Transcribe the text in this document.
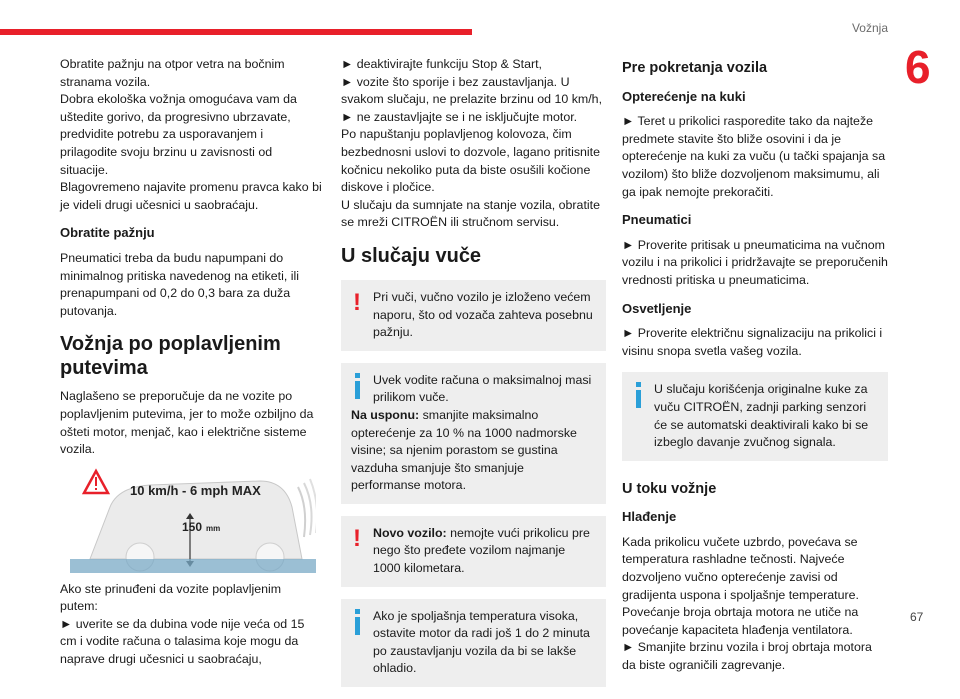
Vožnja
6
67

Obratite pažnju na otpor vetra na bočnim stranama vozila.

Dobra ekološka vožnja omogućava vam da uštedite gorivo, da progresivno ubrzavate, predvidite potrebu za usporavanjem i prilagodite svoju brzinu u zavisnosti od situacije.

Blagovremeno najavite promenu pravca kako bi je videli drugi učesnici u saobraćaju.

Obratite pažnju

Pneumatici treba da budu napumpani do minimalnog pritiska navedenog na etiketi, ili prenapumpani od 0,2 do 0,3 bara za duža putovanja.

Vožnja po poplavljenim putevima

Naglašeno se preporučuje da ne vozite po poplavljenim putevima, jer to može ozbiljno da ošteti motor, menjač, kao i električne sisteme vozila.

10 km/h - 6 mph MAX
150 mm

Ako ste prinuđeni da vozite poplavljenim putem:

► uverite se da dubina vode nije veća od 15 cm i vodite računa o talasima koje mogu da naprave drugi učesnici u saobraćaju,

► deaktivirajte funkciju Stop & Start,
► vozite što sporije i bez zaustavljanja. U svakom slučaju, ne prelazite brzinu od 10 km/h,
► ne zaustavljajte se i ne isključujte motor.

Po napuštanju poplavljenog kolovoza, čim bezbednosni uslovi to dozvole, lagano pritisnite kočnicu nekoliko puta da biste osušili kočione diskove i pločice.

U slučaju da sumnjate na stanje vozila, obratite se mreži CITROËN ili stručnom servisu.

U slučaju vuče
! Pri vuči, vučno vozilo je izloženo većem naporu, što od vozača zahteva posebnu pažnju.
Uvek vodite računa o maksimalnoj masi prilikom vuče.
Na usponu: smanjite maksimalno opterećenje za 10 % na 1000 nadmorske visine; sa njenim porastom se gustina vazduha smanjuje što smanjuje performanse motora.
! Novo vozilo: nemojte vući prikolicu pre nego što pređete vozilom najmanje 1000 kilometara.
Ako je spoljašnja temperatura visoka, ostavite motor da radi još 1 do 2 minuta po zaustavljanju vozila da bi se lakše ohladio.
Pre pokretanja vozila
Opterećenje na kuki

► Teret u prikolici rasporedite tako da najteže predmete stavite što bliže osovini i da je opterećenje na kuki za vuču (u tački spajanja sa vozilom) što bliže dozvoljenom maksimumu, ali ga ipak nemojte prekoračiti.

Pneumatici

► Proverite pritisak u pneumaticima na vučnom vozilu i na prikolici i pridržavajte se preporučenih vrednosti pritiska u pneumaticima.

Osvetljenje

► Proverite električnu signalizaciju na prikolici i visinu snopa svetla vašeg vozila.

U slučaju korišćenja originalne kuke za vuču CITROËN, zadnji parking senzori će se automatski deaktivirali kako bi se izbeglo davanje zvučnog signala.
U toku vožnje
Hlađenje
Kada prikolicu vučete uzbrdo, povećava se temperatura rashladne tečnosti. Najveće dozvoljeno vučno opterećenje zavisi od gradijenta uspona i spoljašnje temperature.
Povećanje broja obrtaja motora ne utiče na povećanje kapaciteta hlađenja ventilatora.
► Smanjite brzinu vozila i broj obrtaja motora da biste ograničili zagrevanje.
